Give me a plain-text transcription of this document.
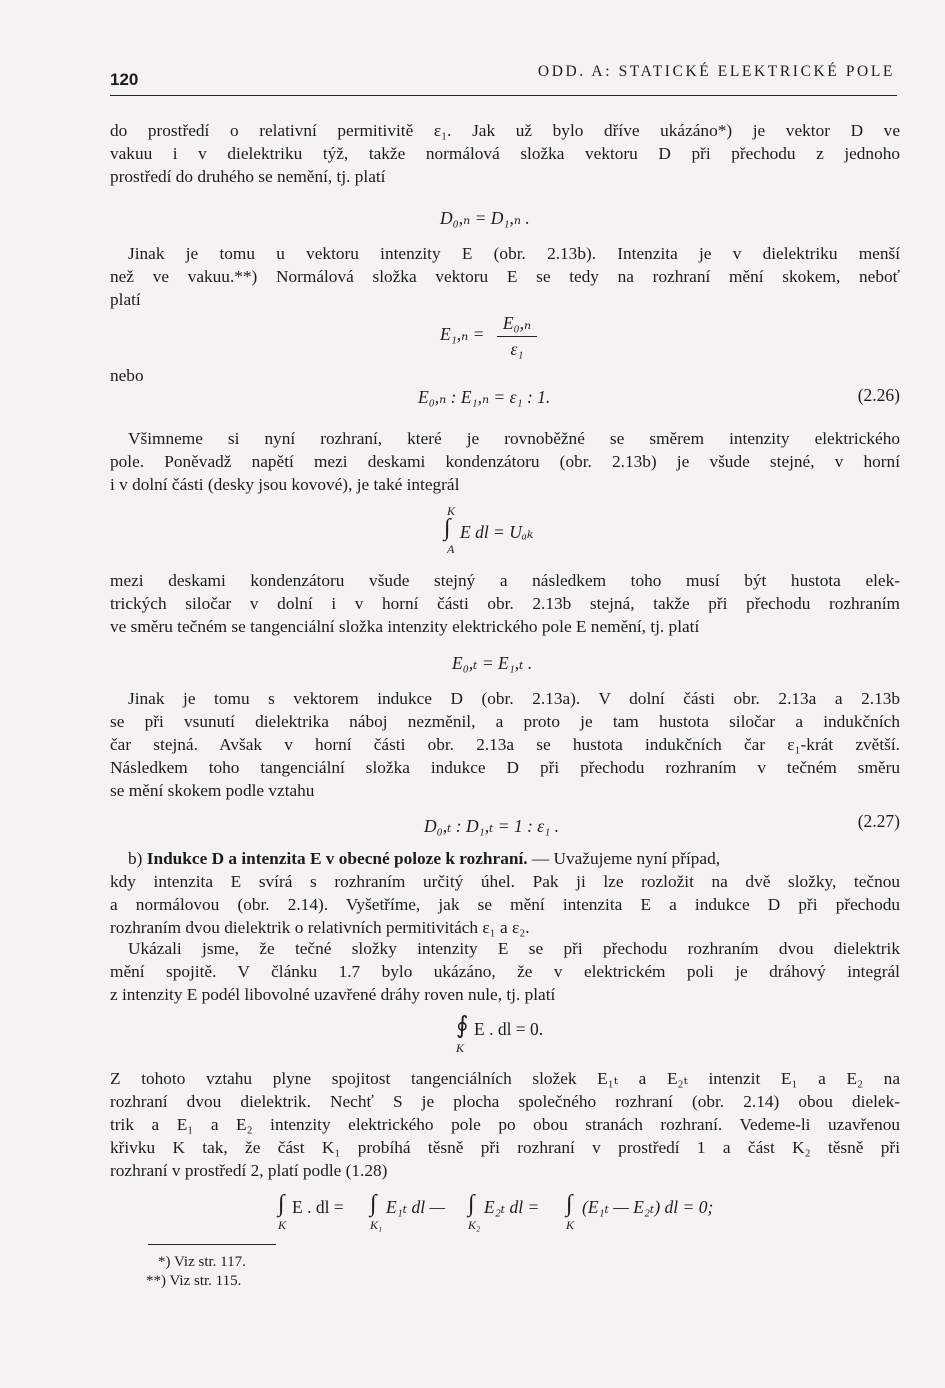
120	ODD. A: STATICKÉ ELEKTRICKÉ POLE
do prostředí o relativní permitivitě ε₁. Jak už bylo dříve ukázáno*) je vektor D ve
vakuu i v dielektriku týž, takže normálová složka vektoru D při přechodu z jednoho
prostředí do druhého se nemění, tj. platí
D₀,ₙ = D₁,ₙ .
Jinak je tomu u vektoru intenzity E (obr. 2.13b). Intenzita je v dielektriku menší
než ve vakuu.**) Normálová složka vektoru E se tedy na rozhraní mění skokem, neboť
platí
$E_1,_n = \frac{\text{E₀,ₙ}}{\text{ε₁}}$
nebo
E₀,ₙ : E₁,ₙ = ε₁ : 1.	(2.26)
Všimneme si nyní rozhraní, které je rovnoběžné se směrem intenzity elektrického
pole. Poněvadž napětí mezi deskami kondenzátoru (obr. 2.13b) je všude stejné, v horní
i v dolní části (desky jsou kovové), je také integrál
K
∫ E dl = Uₐₖ
A
mezi deskami kondenzátoru všude stejný a následkem toho musí být hustota elek-
trických siločar v dolní i v horní části obr. 2.13b stejná, takže při přechodu rozhraním
ve směru tečném se tangenciální složka intenzity elektrického pole E nemění, tj. platí
E₀,ₜ = E₁,ₜ .
Jinak je tomu s vektorem indukce D (obr. 2.13a). V dolní části obr. 2.13a a 2.13b
se při vsunutí dielektrika náboj nezměnil, a proto je tam hustota siločar a indukčních
čar stejná. Avšak v horní části obr. 2.13a se hustota indukčních čar ε₁-krát zvětší.
Následkem toho tangenciální složka indukce D při přechodu rozhraním v tečném směru
se mění skokem podle vztahu
D₀,ₜ : D₁,ₜ = 1 : ε₁ .	(2.27)
b) Indukce D a intenzita E v obecné poloze k rozhraní. — Uvažujeme nyní případ,
kdy intenzita E svírá s rozhraním určitý úhel. Pak ji lze rozložit na dvě složky, tečnou
a normálovou (obr. 2.14). Vyšetříme, jak se mění intenzita E a indukce D při přechodu
rozhraním dvou dielektrik o relativních permitivitách ε₁ a ε₂.
Ukázali jsme, že tečné složky intenzity E se při přechodu rozhraním dvou dielektrik
mění spojitě. V článku 1.7 bylo ukázáno, že v elektrickém poli je dráhový integrál
z intenzity E podél libovolné uzavřené dráhy roven nule, tj. platí
∮ E . dl = 0.
K
Z tohoto vztahu plyne spojitost tangenciálních složek E₁ₜ a E₂ₜ intenzit E₁ a E₂ na
rozhraní dvou dielektrik. Nechť S je plocha společného rozhraní (obr. 2.14) obou dielek-
trik a E₁ a E₂ intenzity elektrického pole po obou stranách rozhraní. Vedeme-li uzavřenou
křivku K tak, že část K₁ probíhá těsně při rozhraní v prostředí 1 a část K₂ těsně při
rozhraní v prostředí 2, platí podle (1.28)
∫ E . dl =
K
∫ E₁ₜ dl —
K₁
∫ E₂ₜ dl =
K₂
∫ (E₁ₜ — E₂ₜ) dl = 0;
K
*) Viz str. 117.
**) Viz str. 115.
